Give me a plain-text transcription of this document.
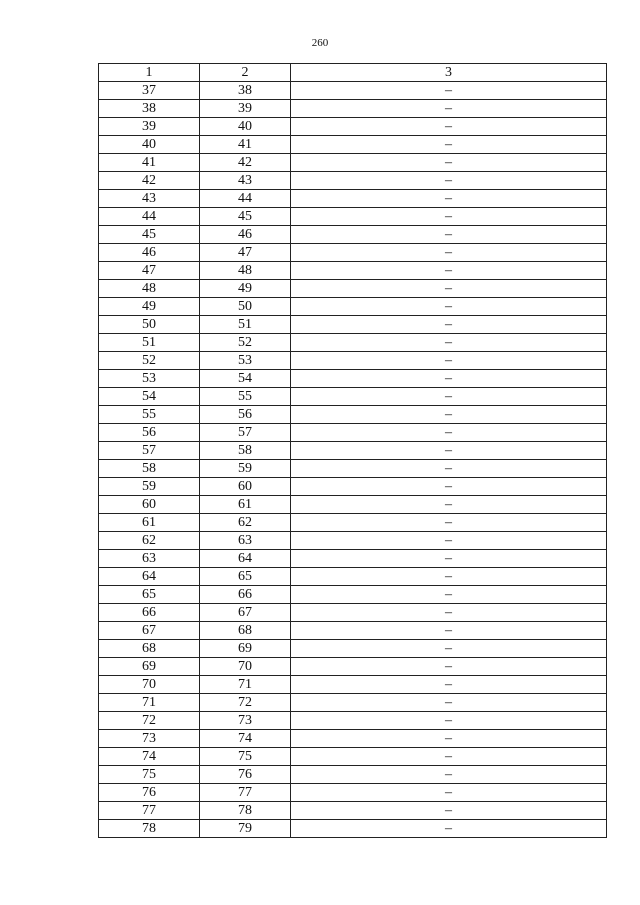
260
1	2	3
37	38	–
38	39	–
39	40	–
40	41	–
41	42	–
42	43	–
43	44	–
44	45	–
45	46	–
46	47	–
47	48	–
48	49	–
49	50	–
50	51	–
51	52	–
52	53	–
53	54	–
54	55	–
55	56	–
56	57	–
57	58	–
58	59	–
59	60	–
60	61	–
61	62	–
62	63	–
63	64	–
64	65	–
65	66	–
66	67	–
67	68	–
68	69	–
69	70	–
70	71	–
71	72	–
72	73	–
73	74	–
74	75	–
75	76	–
76	77	–
77	78	–
78	79	–
